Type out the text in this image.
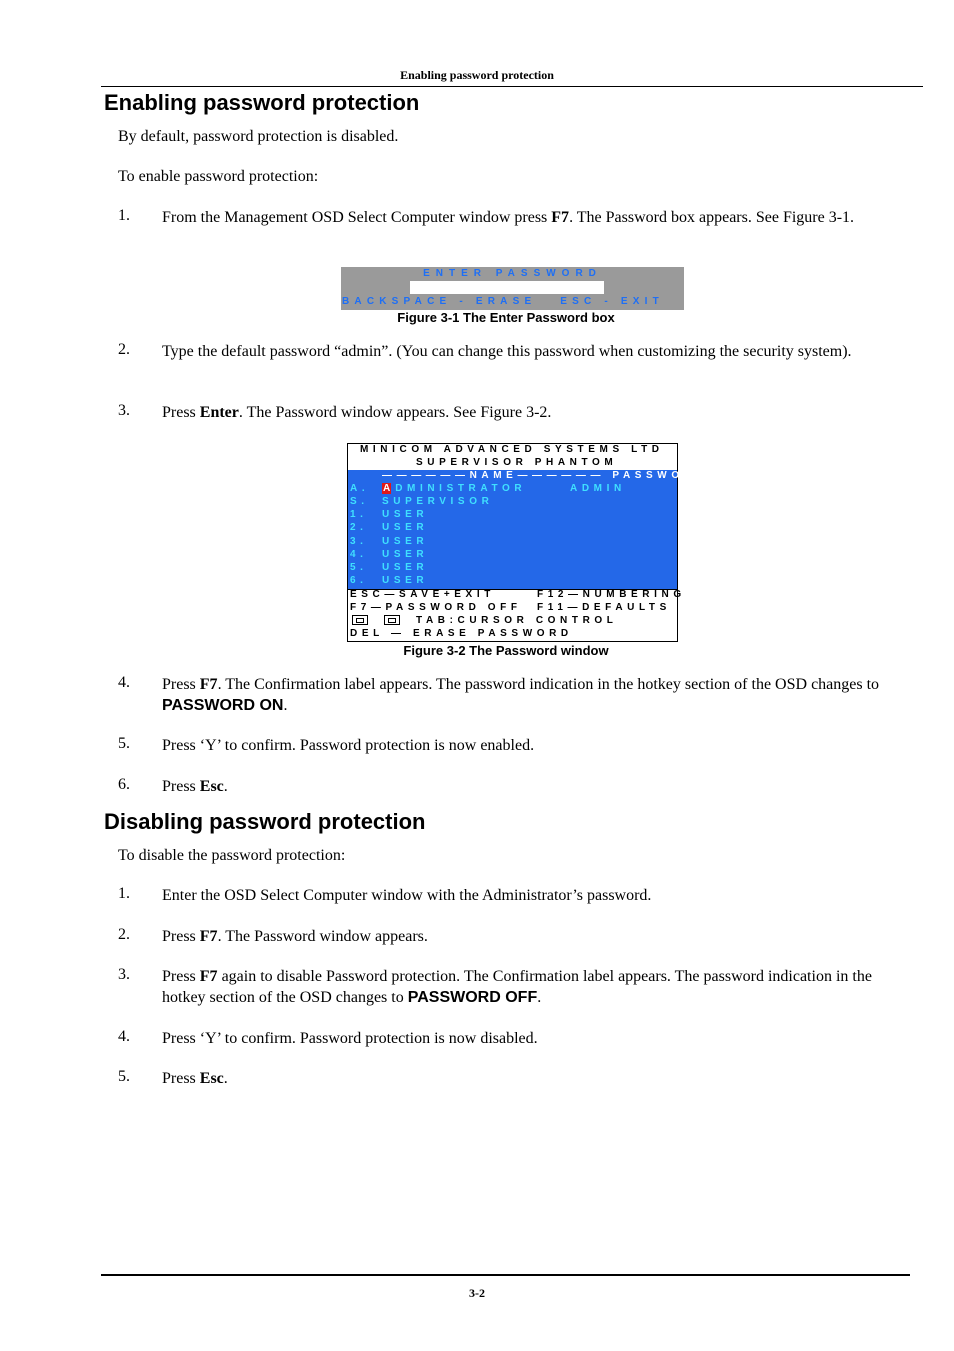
Enabling password protection
Enabling password protection
By default, password protection is disabled.
To enable password protection:
1. From the Management OSD Select Computer window press F7. The Password box appears. See Figure 3-1.
ENTER PASSWORD
BACKSPACE - ERASE   ESC - EXIT
Figure 3-1 The Enter Password box
2. Type the default password “admin”. (You can change this password when customizing the security system).
3. Press Enter. The Password window appears. See Figure 3-2.
MINICOM ADVANCED SYSTEMS LTD
SUPERVISOR PHANTOM
——————NAME—————— PASSWORD
A. A DMINISTRATOR	ADMIN
S. SUPERVISOR
1. USER
2. USER
3. USER
4. USER
5. USER
6. USER
ESC—SAVE+EXIT	F12—NUMBERING
F7—PASSWORD OFF F11—DEFAULTS
TAB:CURSOR CONTROL
DEL — ERASE PASSWORD
Figure 3-2 The Password window
4. Press F7. The Confirmation label appears. The password indication in the hotkey section of the OSD changes to PASSWORD ON.
5. Press ‘Y’ to confirm. Password protection is now enabled.
6. Press Esc.
Disabling password protection
To disable the password protection:
1. Enter the OSD Select Computer window with the Administrator’s password.
2. Press F7. The Password window appears.
3. Press F7 again to disable Password protection. The Confirmation label appears. The password indication in the hotkey section of the OSD changes to PASSWORD OFF.
4. Press ‘Y’ to confirm. Password protection is now disabled.
5. Press Esc.
3-2
